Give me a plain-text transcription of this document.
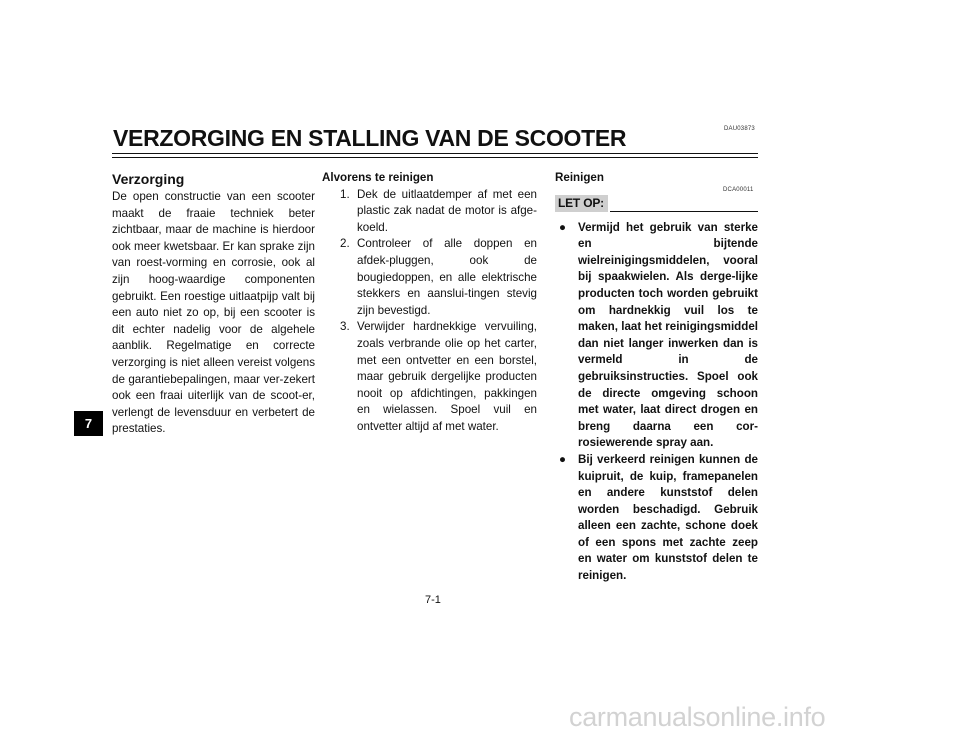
DAU03873
VERZORGING EN STALLING VAN DE SCOOTER
Verzorging

De open constructie van een scooter maakt de fraaie techniek beter zichtbaar, maar de machine is hierdoor ook meer kwetsbaar. Er kan sprake zijn van roest-vorming en corrosie, ook al zijn hoog-waardige componenten gebruikt. Een roestige uitlaatpijp valt bij een auto niet zo op, bij een scooter is dit echter nadelig voor de algehele aanblik. Regelmatige en correcte verzorging is niet alleen vereist volgens de garantiebepalingen, maar ver-zekert ook een fraai uiterlijk van de scoot-er, verlengt de levensduur en verbetert de prestaties.

Alvorens te reinigen

1. Dek de uitlaatdemper af met een plastic zak nadat de motor is afge-koeld.
2. Controleer of alle doppen en afdek-pluggen, ook de bougiedoppen, en alle elektrische stekkers en aanslui-tingen stevig zijn bevestigd.
3. Verwijder hardnekkige vervuiling, zoals verbrande olie op het carter, met een ontvetter en een borstel, maar gebruik dergelijke producten nooit op afdichtingen, pakkingen en wielassen. Spoel vuil en ontvetter altijd af met water.

Reinigen

LET OP:
● Vermijd het gebruik van sterke en bijtende wielreinigingsmiddelen, vooral bij spaakwielen. Als derge-lijke producten toch worden gebruikt om hardnekkig vuil los te maken, laat het reinigingsmiddel dan niet langer inwerken dan is vermeld in de gebruiksinstructies. Spoel ook de directe omgeving schoon met water, laat direct drogen en breng daarna een cor-rosiewerende spray aan.
● Bij verkeerd reinigen kunnen de kuipruit, de kuip, framepanelen en andere kunststof delen worden beschadigd. Gebruik alleen een zachte, schone doek of een spons met zachte zeep en water om kunststof delen te reinigen.
DCA00011
7
7-1
carmanualsonline.info
